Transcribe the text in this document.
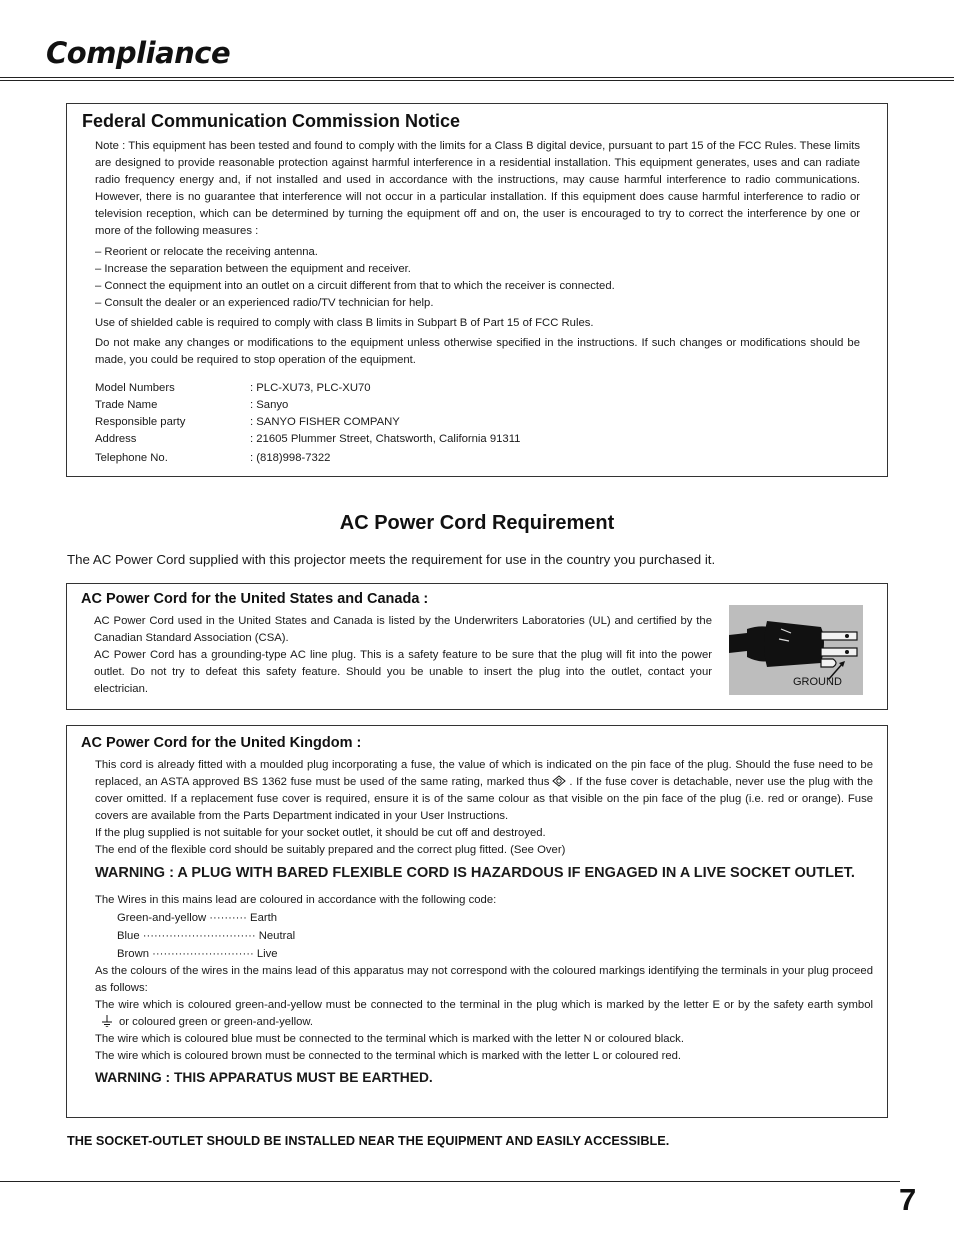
Compliance
Federal Communication Commission Notice

Note : This equipment has been tested and found to comply with the limits for a Class B digital device, pursuant to part 15 of the FCC Rules. These limits are designed to provide reasonable protection against harmful interference in a residential installation. This equipment generates, uses and can radiate radio frequency energy and, if not installed and used in accordance with the instructions, may cause harmful interference to radio communications. However, there is no guarantee that interference will not occur in a particular installation. If this equipment does cause harmful interference to radio or television reception, which can be determined by turning the equipment off and on, the user is encouraged to try to correct the interference by one or more of the following measures :

– Reorient or relocate the receiving antenna.
– Increase the separation between the equipment and receiver.
– Connect the equipment into an outlet on a circuit different from that to which the receiver is connected.
– Consult the dealer or an experienced radio/TV technician for help.

Use of shielded cable is required to comply with class B limits in Subpart B of Part 15 of FCC Rules.

Do not make any changes or modifications to the equipment unless otherwise specified in the instructions. If such changes or modifications should be made, you could be required to stop operation of the equipment.

Model Numbers	: PLC-XU73, PLC-XU70
Trade Name	: Sanyo
Responsible party	: SANYO FISHER COMPANY
Address	: 21605 Plummer Street, Chatsworth, California 91311
Telephone No.	: (818)998-7322
AC Power Cord Requirement

The AC Power Cord supplied with this projector meets the requirement for use in the country you purchased it.

AC Power Cord for the United States and Canada :

AC Power Cord used in the United States and Canada is listed by the Underwriters Laboratories (UL) and certified by the Canadian Standard Association (CSA).

AC Power Cord has a grounding-type AC line plug. This is a safety feature to be sure that the plug will fit into the power outlet. Do not try to defeat this safety feature. Should you be unable to insert the plug into the outlet, contact your electrician.

GROUND
AC Power Cord for the United Kingdom :

This cord is already fitted with a moulded plug incorporating a fuse, the value of which is indicated on the pin face of the plug. Should the fuse need to be replaced, an ASTA approved BS 1362 fuse must be used of the same rating, marked thus . If the fuse cover is detachable, never use the plug with the cover omitted. If a replacement fuse cover is required, ensure it is of the same colour as that visible on the pin face of the plug (i.e. red or orange). Fuse covers are available from the Parts Department indicated in your User Instructions.

If the plug supplied is not suitable for your socket outlet, it should be cut off and destroyed.

The end of the flexible cord should be suitably prepared and the correct plug fitted. (See Over)

WARNING : A PLUG WITH BARED FLEXIBLE CORD IS HAZARDOUS IF ENGAGED IN A LIVE SOCKET OUTLET.

The Wires in this mains lead are coloured in accordance with the following code:

Green-and-yellow ·········· Earth
Blue ······························ Neutral
Brown ··························· Live

As the colours of the wires in the mains lead of this apparatus may not correspond with the coloured markings identifying the terminals in your plug proceed as follows:

The wire which is coloured green-and-yellow must be connected to the terminal in the plug which is marked by the letter E or by the safety earth symbolor coloured green or green-and-yellow.

The wire which is coloured blue must be connected to the terminal which is marked with the letter N or coloured black.

The wire which is coloured brown must be connected to the terminal which is marked with the letter L or coloured red.

WARNING : THIS APPARATUS MUST BE EARTHED.

THE SOCKET-OUTLET SHOULD BE INSTALLED NEAR THE EQUIPMENT AND EASILY ACCESSIBLE.

7
